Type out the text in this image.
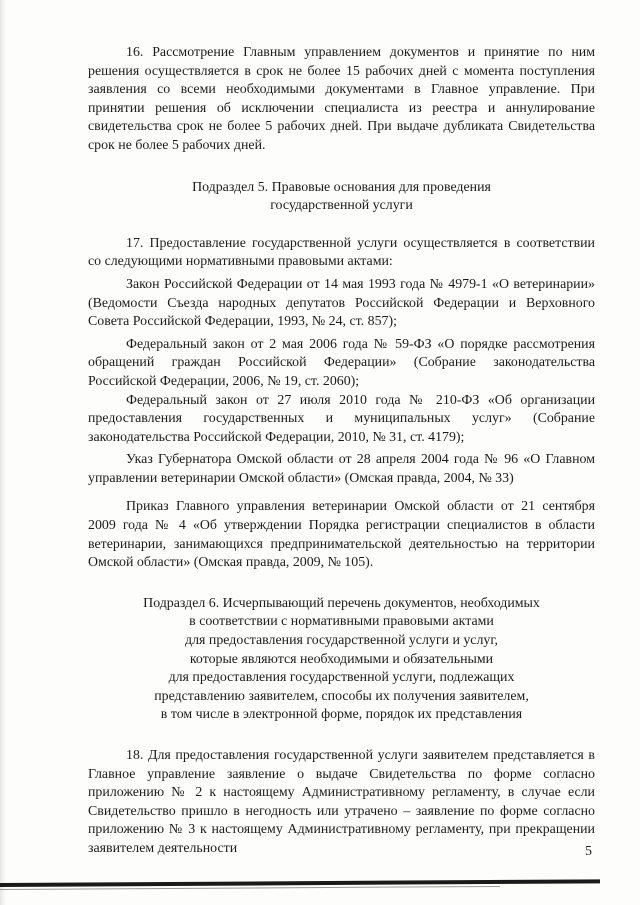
16. Рассмотрение Главным управлением документов и принятие по ним решения осуществляется в срок не более 15 рабочих дней с момента поступления заявления со всеми необходимыми документами в Главное управление. При принятии решения об исключении специалиста из реестра и аннулирование свидетельства срок не более 5 рабочих дней. При выдаче дубликата Свидетельства срок не более 5 рабочих дней.

Подраздел 5. Правовые основания для проведения
государственной услуги

17. Предоставление государственной услуги осуществляется в соответствии со следующими нормативными правовыми актами:

Закон Российской Федерации от 14 мая 1993 года № 4979-1 «О ветеринарии» (Ведомости Съезда народных депутатов Российской Федерации и Верховного Совета Российской Федерации, 1993, № 24, ст. 857);

Федеральный закон от 2 мая 2006 года № 59-ФЗ «О порядке рассмотрения обращений граждан Российской Федерации» (Собрание законодательства Российской Федерации, 2006, № 19, ст. 2060);

Федеральный закон от 27 июля 2010 года № 210-ФЗ «Об организации предоставления государственных и муниципальных услуг» (Собрание законодательства Российской Федерации, 2010, № 31, ст. 4179);

Указ Губернатора Омской области от 28 апреля 2004 года № 96 «О Главном управлении ветеринарии Омской области» (Омская правда, 2004, № 33)

Приказ Главного управления ветеринарии Омской области от 21 сентября 2009 года № 4 «Об утверждении Порядка регистрации специалистов в области ветеринарии, занимающихся предпринимательской деятельностью на территории Омской области» (Омская правда, 2009, № 105).

Подраздел 6. Исчерпывающий перечень документов, необходимых
в соответствии с нормативными правовыми актами
для предоставления государственной услуги и услуг,
которые являются необходимыми и обязательными
для предоставления государственной услуги, подлежащих
представлению заявителем, способы их получения заявителем,
в том числе в электронной форме, порядок их представления

18. Для предоставления государственной услуги заявителем представляется в Главное управление заявление о выдаче Свидетельства по форме согласно приложению № 2 к настоящему Административному регламенту, в случае если Свидетельство пришло в негодность или утрачено – заявление по форме согласно приложению № 3 к настоящему Административному регламенту, при прекращении заявителем деятельности	5
